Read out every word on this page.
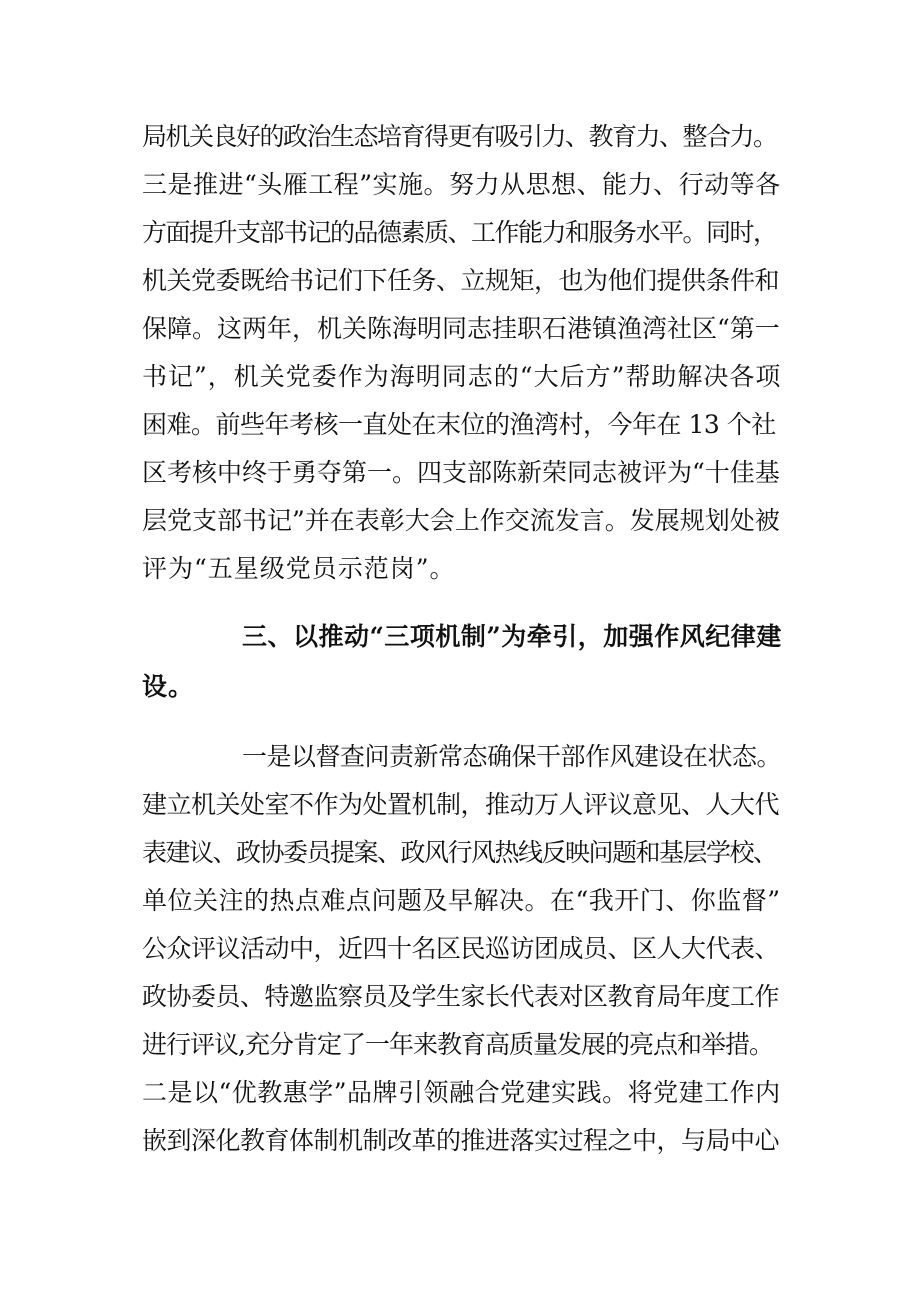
局机关良好的政治生态培育得更有吸引力、教育力、整合力。
三是推进“头雁工程”实施。努力从思想、能力、行动等各
方面提升支部书记的品德素质、工作能力和服务水平。同时，
机关党委既给书记们下任务、立规矩，也为他们提供条件和
保障。这两年，机关陈海明同志挂职石港镇渔湾社区“第一
书记”，机关党委作为海明同志的“大后方”帮助解决各项
困难。前些年考核一直处在末位的渔湾村，今年在 13 个社
区考核中终于勇夺第一。四支部陈新荣同志被评为“十佳基
层党支部书记”并在表彰大会上作交流发言。发展规划处被
评为“五星级党员示范岗”。
三、以推动“三项机制”为牵引，加强作风纪律建
设。
一是以督查问责新常态确保干部作风建设在状态。
建立机关处室不作为处置机制，推动万人评议意见、人大代
表建议、政协委员提案、政风行风热线反映问题和基层学校、
单位关注的热点难点问题及早解决。在“我开门、你监督”
公众评议活动中，近四十名区民巡访团成员、区人大代表、
政协委员、特邀监察员及学生家长代表对区教育局年度工作
进行评议,充分肯定了一年来教育高质量发展的亮点和举措。
二是以“优教惠学”品牌引领融合党建实践。将党建工作内
嵌到深化教育体制机制改革的推进落实过程之中，与局中心
